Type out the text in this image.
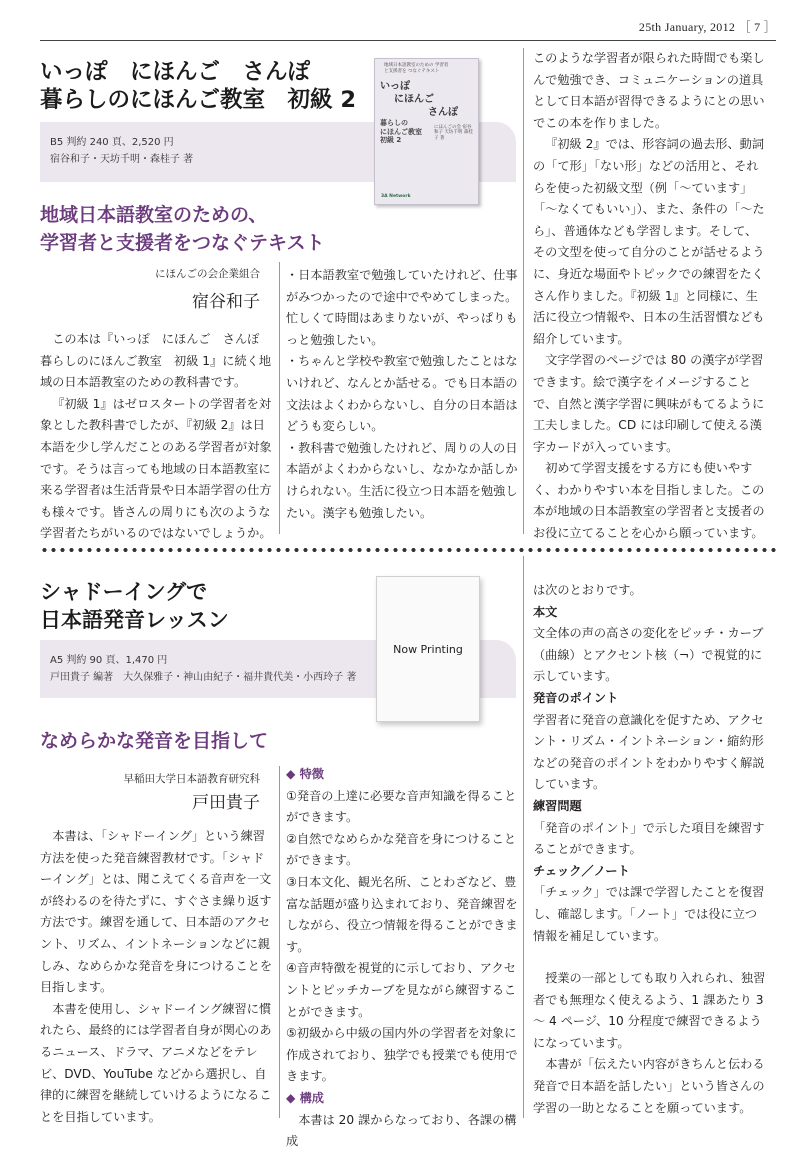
25th January, 2012 ［ 7 ］
いっぽ　にほんご　さんぽ
暮らしのにほんご教室　初級 2
B5 判約 240 頁、2,520 円
宿谷和子・天坊千明・森桂子 著
地域日本語教室のための 学習者と支援者を つなぐテキスト
いっぽ
にほんご
さんぽ
暮らしの
にほんご教室
初級 2
にほんごの会 宿谷和子 天坊千明 森桂子 著
3A Network
地域日本語教室のための、
学習者と支援者をつなぐテキスト
にほんごの会企業組合
宿谷和子

この本は『いっぽ　にほんご　さんぽ　暮らしのにほんご教室　初級 1』に続く地域の日本語教室のための教科書です。

『初級 1』はゼロスタートの学習者を対象とした教科書でしたが、『初級 2』は日本語を少し学んだことのある学習者が対象です。そうは言っても地域の日本語教室に来る学習者は生活背景や日本語学習の仕方も様々です。皆さんの周りにも次のような学習者たちがいるのではないでしょうか。

・日本語教室で勉強していたけれど、仕事がみつかったので途中でやめてしまった。忙しくて時間はあまりないが、やっぱりもっと勉強したい。

・ちゃんと学校や教室で勉強したことはないけれど、なんとか話せる。でも日本語の文法はよくわからないし、自分の日本語はどうも変らしい。

・教科書で勉強したけれど、周りの人の日本語がよくわからないし、なかなか話しかけられない。生活に役立つ日本語を勉強したい。漢字も勉強したい。

このような学習者が限られた時間でも楽しんで勉強でき、コミュニケーションの道具として日本語が習得できるようにとの思いでこの本を作りました。

『初級 2』では、形容詞の過去形、動詞の「て形」「ない形」などの活用と、それらを使った初級文型（例「～ています」「～なくてもいい」）、また、条件の「～たら」、普通体なども学習します。そして、その文型を使って自分のことが話せるように、身近な場面やトピックでの練習をたくさん作りました。『初級 1』と同様に、生活に役立つ情報や、日本の生活習慣なども紹介しています。

文字学習のページでは 80 の漢字が学習できます。絵で漢字をイメージすることで、自然と漢字学習に興味がもてるように工夫しました。CD には印刷して使える漢字カードが入っています。

初めて学習支援をする方にも使いやすく、わかりやすい本を目指しました。この本が地域の日本語教室の学習者と支援者のお役に立てることを心から願っています。

シャドーイングで
日本語発音レッスン
A5 判約 90 頁、1,470 円
戸田貴子 編著　大久保雅子・神山由紀子・福井貴代美・小西玲子 著
Now Printing
なめらかな発音を目指して
早稲田大学日本語教育研究科
戸田貴子

本書は、「シャドーイング」という練習方法を使った発音練習教材です。「シャドーイング」とは、聞こえてくる音声を一文が終わるのを待たずに、すぐさま繰り返す方法です。練習を通して、日本語のアクセント、リズム、イントネーションなどに親しみ、なめらかな発音を身につけることを目指します。

本書を使用し、シャドーイング練習に慣れたら、最終的には学習者自身が関心のあるニュース、ドラマ、アニメなどをテレビ、DVD、YouTube などから選択し、自律的に練習を継続していけるようになることを目指しています。

◆ 特徴

①発音の上達に必要な音声知識を得ることができます。

②自然でなめらかな発音を身につけることができます。

③日本文化、観光名所、ことわざなど、豊富な話題が盛り込まれており、発音練習をしながら、役立つ情報を得ることができます。

④音声特徴を視覚的に示しており、アクセントとピッチカーブを見ながら練習することができます。

⑤初級から中級の国内外の学習者を対象に作成されており、独学でも授業でも使用できます。

◆ 構成

本書は 20 課からなっており、各課の構成

は次のとおりです。

本文

文全体の声の高さの変化をピッチ・カーブ（曲線）とアクセント核（¬）で視覚的に示しています。

発音のポイント

学習者に発音の意識化を促すため、アクセント・リズム・イントネーション・縮約形などの発音のポイントをわかりやすく解説しています。

練習問題

「発音のポイント」で示した項目を練習することができます。

チェック／ノート

「チェック」では課で学習したことを復習し、確認します。「ノート」では役に立つ情報を補足しています。

授業の一部としても取り入れられ、独習者でも無理なく使えるよう、1 課あたり 3 ～ 4 ページ、10 分程度で練習できるようになっています。

本書が「伝えたい内容がきちんと伝わる発音で日本語を話したい」という皆さんの学習の一助となることを願っています。
